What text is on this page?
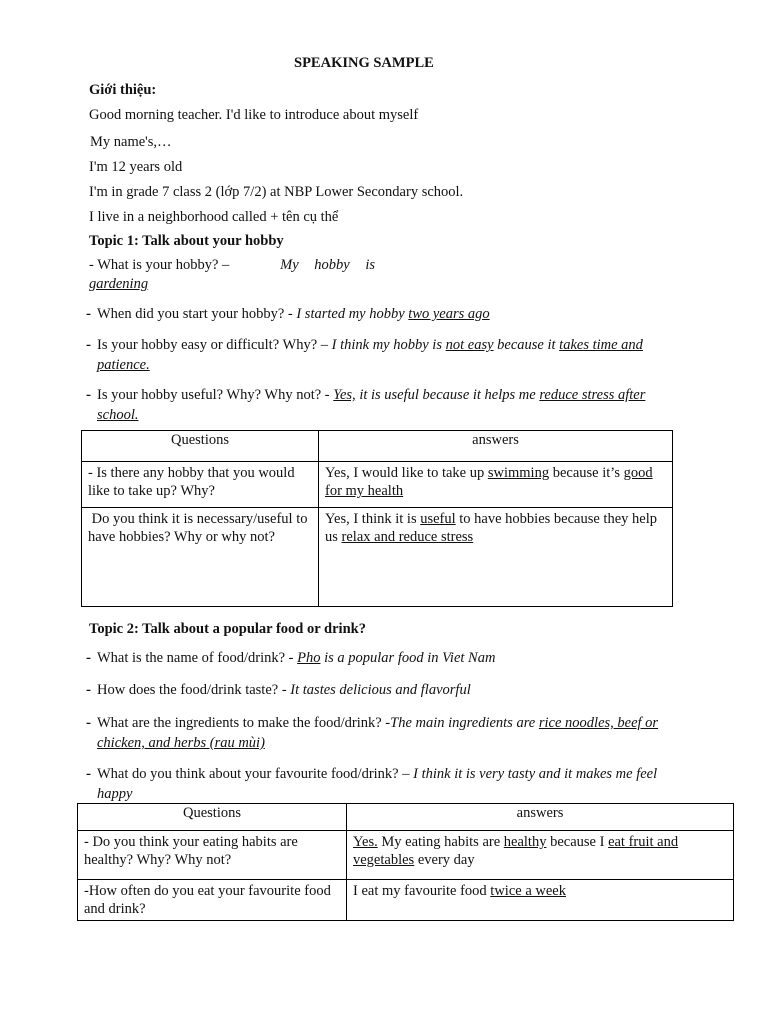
SPEAKING SAMPLE
Giới thiệu:
Good morning teacher. I'd like to introduce about myself
My name's,…
I'm 12 years old
I'm in grade 7 class 2 (lớp 7/2) at NBP Lower Secondary school.
I live in a neighborhood called + tên cụ thể
Topic 1: Talk about your hobby
- What is your hobby? –	My hobby is
gardening
- When did you start your hobby? - I started my hobby two years ago
- Is your hobby easy or difficult? Why? – I think my hobby is not easy because it takes time and
patience.
- Is your hobby useful? Why? Why not? - Yes, it is useful because it helps me reduce stress after
school.
Questions	answers
- Is there any hobby that you would like to take up? Why?	Yes, I would like to take up swimming because it’s good for my health
Do you think it is necessary/useful to have hobbies? Why or why not?	Yes, I think it is useful to have hobbies because they help us relax and reduce stress
Topic 2: Talk about a popular food or drink?
- What is the name of food/drink? - Pho is a popular food in Viet Nam
- How does the food/drink taste? - It tastes delicious and flavorful
- What are the ingredients to make the food/drink? -The main ingredients are rice noodles, beef or
chicken, and herbs (rau mùi)
- What do you think about your favourite food/drink? – I think it is very tasty and it makes me feel
happy
Questions	answers
- Do you think your eating habits are healthy? Why? Why not?	Yes. My eating habits are healthy because I eat fruit and vegetables every day
-How often do you eat your favourite food and drink?	I eat my favourite food twice a week
